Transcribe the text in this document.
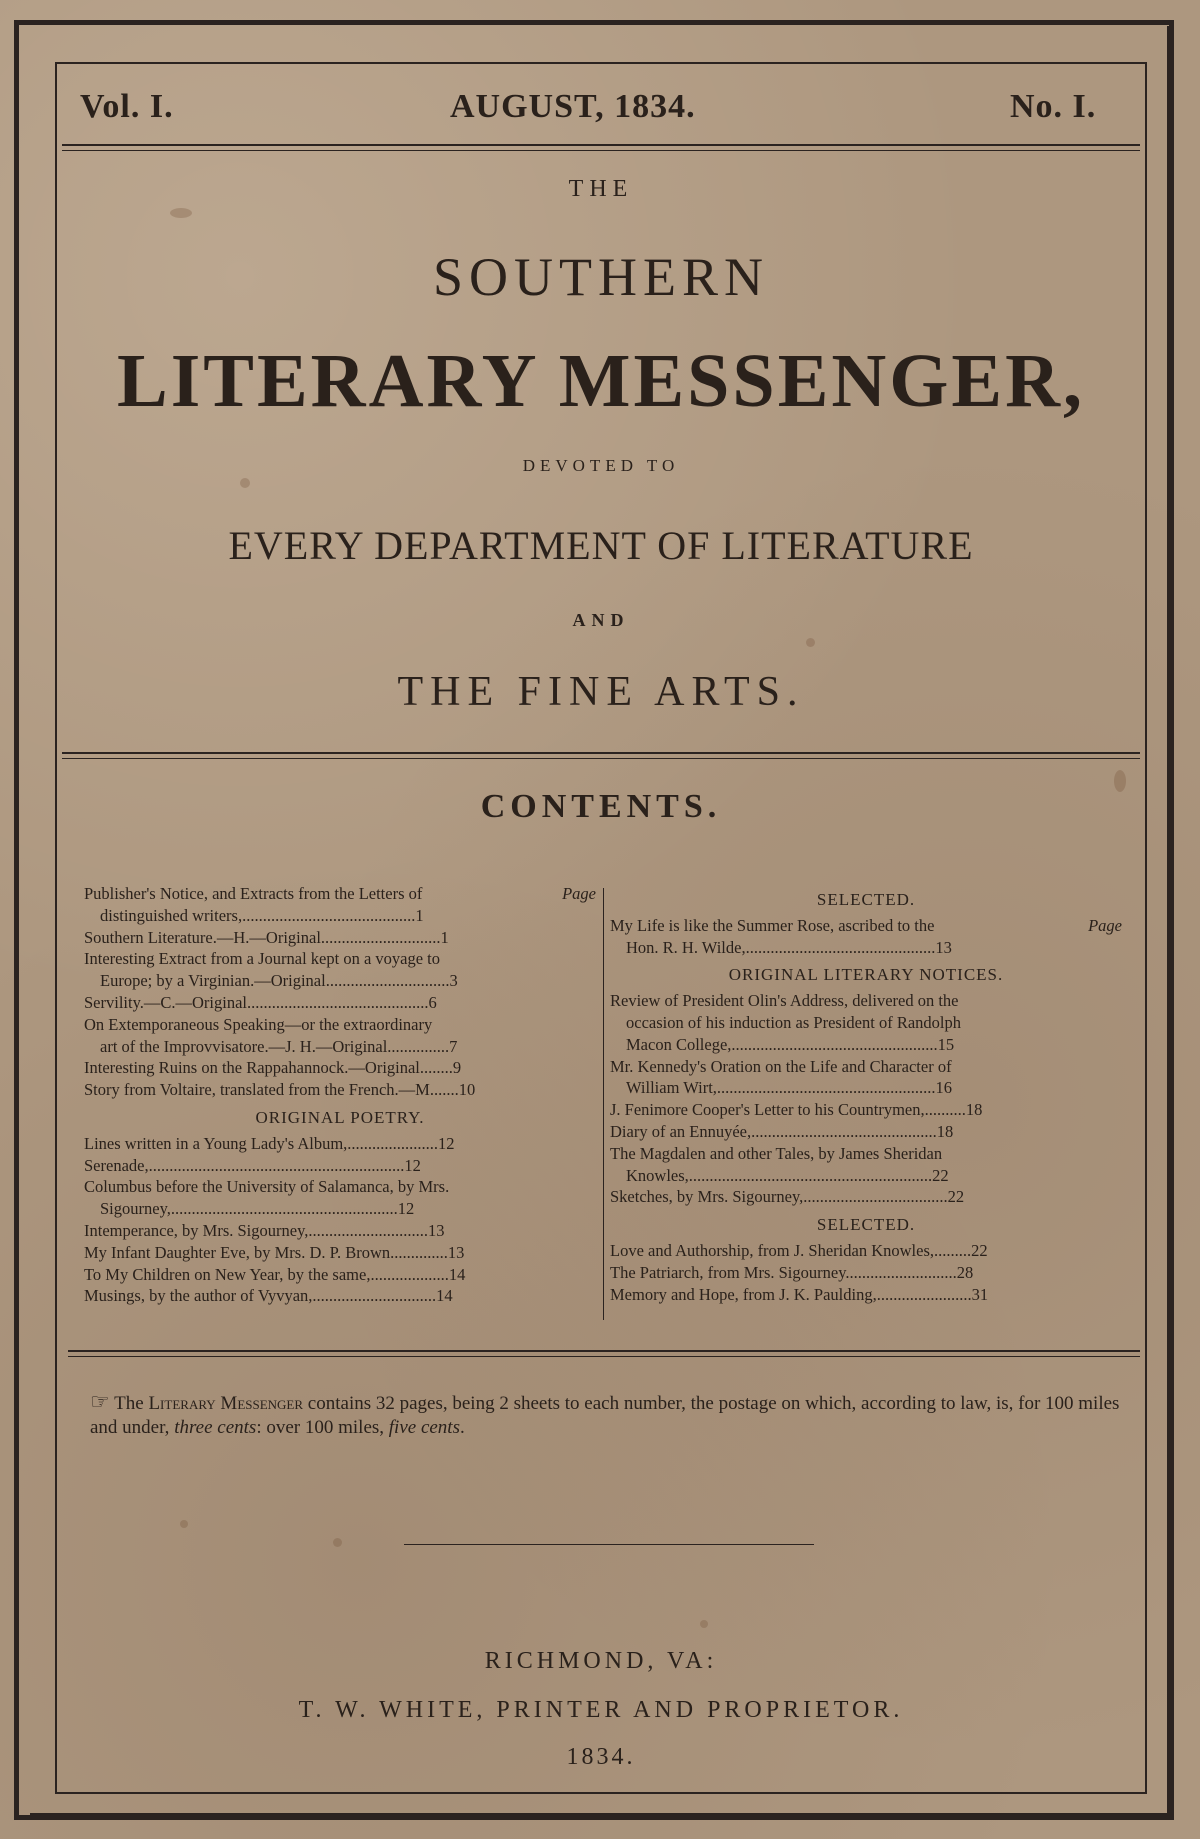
Vol. I.	AUGUST, 1834.	No. I.
THE
SOUTHERN
LITERARY MESSENGER,
DEVOTED TO
EVERY DEPARTMENT OF LITERATURE
AND
THE FINE ARTS.
CONTENTS.
Publisher's Notice, and Extracts from the Letters of	Page
distinguished writers,..........................................1
Southern Literature.—H.—Original.............................1
Interesting Extract from a Journal kept on a voyage to
Europe; by a Virginian.—Original..............................3
Servility.—C.—Original............................................6
On Extemporaneous Speaking—or the extraordinary
art of the Improvvisatore.—J. H.—Original...............7
Interesting Ruins on the Rappahannock.—Original........9
Story from Voltaire, translated from the French.—M.......10
ORIGINAL POETRY.
Lines written in a Young Lady's Album,......................12
Serenade,..............................................................12
Columbus before the University of Salamanca, by Mrs.
Sigourney,.......................................................12
Intemperance, by Mrs. Sigourney,.............................13
My Infant Daughter Eve, by Mrs. D. P. Brown..............13
To My Children on New Year, by the same,...................14
Musings, by the author of Vyvyan,..............................14
SELECTED.
My Life is like the Summer Rose, ascribed to the	Page
Hon. R. H. Wilde,..............................................13
ORIGINAL LITERARY NOTICES.
Review of President Olin's Address, delivered on the
occasion of his induction as President of Randolph
Macon College,..................................................15
Mr. Kennedy's Oration on the Life and Character of
William Wirt,.....................................................16
J. Fenimore Cooper's Letter to his Countrymen,..........18
Diary of an Ennuyée,.............................................18
The Magdalen and other Tales, by James Sheridan
Knowles,...........................................................22
Sketches, by Mrs. Sigourney,...................................22
SELECTED.
Love and Authorship, from J. Sheridan Knowles,.........22
The Patriarch, from Mrs. Sigourney...........................28
Memory and Hope, from J. K. Paulding,.......................31
☞ The Literary Messenger contains 32 pages, being 2 sheets to each number, the postage on which, according to law, is, for 100 miles and under, three cents: over 100 miles, five cents.
RICHMOND, VA:
T. W. WHITE, PRINTER AND PROPRIETOR.
1834.
